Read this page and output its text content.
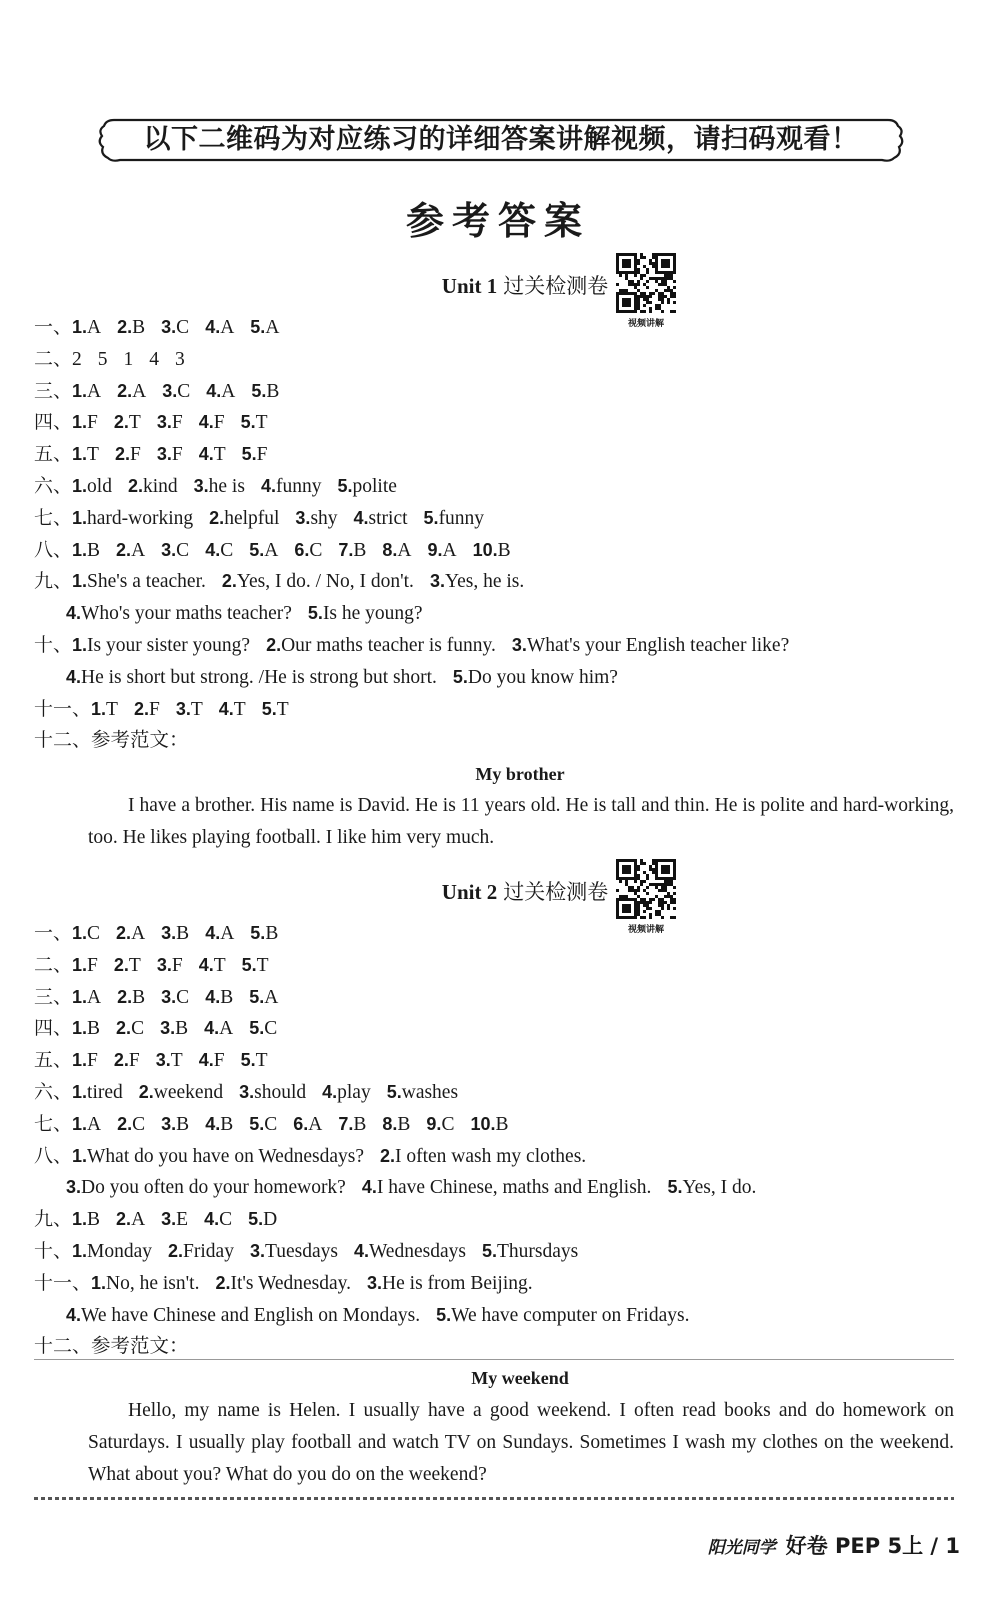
以下二维码为对应练习的详细答案讲解视频，请扫码观看！
参考答案
Unit 1 过关检测卷
视频讲解
一、1.A 2.B 3.C 4.A 5.A
二、2 5 1 4 3
三、1.A 2.A 3.C 4.A 5.B
四、1.F 2.T 3.F 4.F 5.T
五、1.T 2.F 3.F 4.T 5.F
六、1.old 2.kind 3.he is 4.funny 5.polite
七、1.hard-working 2.helpful 3.shy 4.strict 5.funny
八、1.B 2.A 3.C 4.C 5.A 6.C 7.B 8.A 9.A 10.B
九、1.She's a teacher. 2.Yes, I do. / No, I don't. 3.Yes, he is.
4.Who's your maths teacher? 5.Is he young?
十、1.Is your sister young? 2.Our maths teacher is funny. 3.What's your English teacher like?
4.He is short but strong. /He is strong but short. 5.Do you know him?
十一、1.T 2.F 3.T 4.T 5.T
十二、参考范文：
My brother
I have a brother. His name is David. He is 11 years old. He is tall and thin. He is polite and hard-working, too. He likes playing football. I like him very much.
Unit 2 过关检测卷
视频讲解
一、1.C 2.A 3.B 4.A 5.B
二、1.F 2.T 3.F 4.T 5.T
三、1.A 2.B 3.C 4.B 5.A
四、1.B 2.C 3.B 4.A 5.C
五、1.F 2.F 3.T 4.F 5.T
六、1.tired 2.weekend 3.should 4.play 5.washes
七、1.A 2.C 3.B 4.B 5.C 6.A 7.B 8.B 9.C 10.B
八、1.What do you have on Wednesdays? 2.I often wash my clothes.
3.Do you often do your homework? 4.I have Chinese, maths and English. 5.Yes, I do.
九、1.B 2.A 3.E 4.C 5.D
十、1.Monday 2.Friday 3.Tuesdays 4.Wednesdays 5.Thursdays
十一、1.No, he isn't. 2.It's Wednesday. 3.He is from Beijing.
4.We have Chinese and English on Mondays. 5.We have computer on Fridays.
十二、参考范文：
My weekend
Hello, my name is Helen. I usually have a good weekend. I often read books and do homework on Saturdays. I usually play football and watch TV on Sundays. Sometimes I wash my clothes on the weekend. What about you? What do you do on the weekend?
阳光同学 好卷 PEP 5上 / 1
